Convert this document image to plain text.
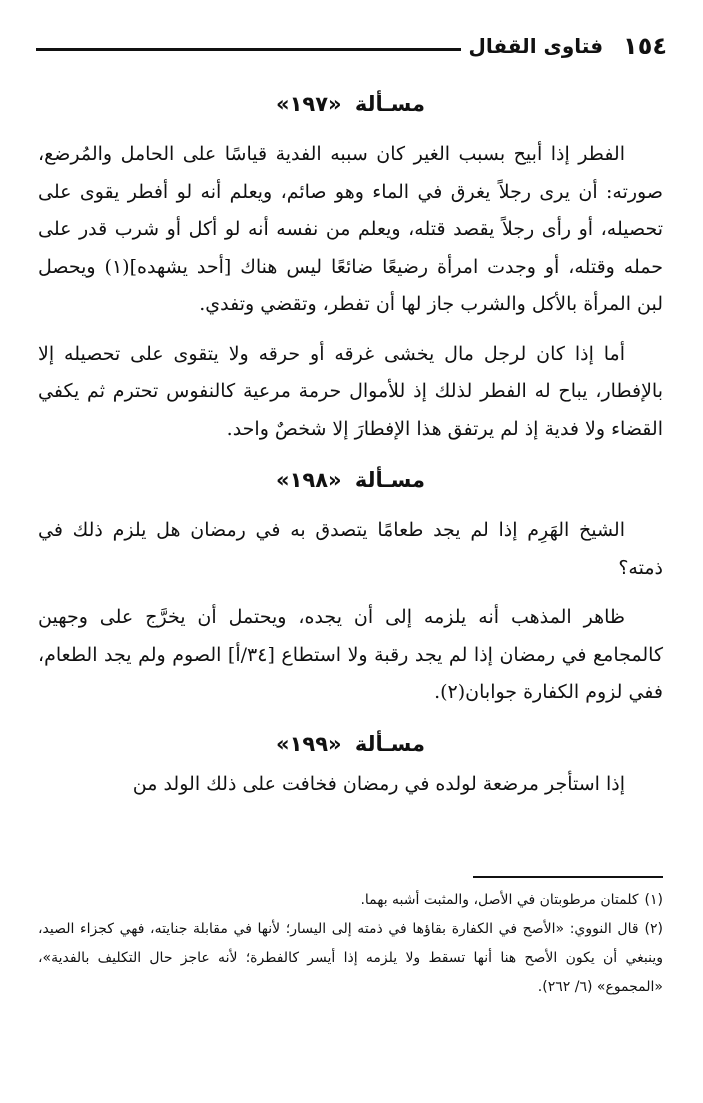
١٥٤
فتاوى القفال
مسـألة «١٩٧»

الفطر إذا أبيح بسبب الغير كان سببه الفدية قياسًا على الحامل والمُرضع، صورته: أن يرى رجلاً يغرق في الماء وهو صائم، ويعلم أنه لو أفطر يقوى على تحصيله، أو رأى رجلاً يقصد قتله، ويعلم من نفسه أنه لو أكل أو شرب قدر على حمله وقتله، أو وجدت امرأة رضيعًا ضائعًا ليس هناك [أحد يشهده](١) ويحصل لبن المرأة بالأكل والشرب جاز لها أن تفطر، وتقضي وتفدي.

أما إذا كان لرجل مال يخشى غرقه أو حرقه ولا يتقوى على تحصيله إلا بالإفطار، يباح له الفطر لذلك إذ للأموال حرمة مرعية كالنفوس تحترم ثم يكفي القضاء ولا فدية إذ لم يرتفق هذا الإفطارَ إلا شخصٌ واحد.

مسـألة «١٩٨»

الشيخ الهَرِم إذا لم يجد طعامًا يتصدق به في رمضان هل يلزم ذلك في ذمته؟

ظاهر المذهب أنه يلزمه إلى أن يجده، ويحتمل أن يخرَّج على وجهين كالمجامع في رمضان إذا لم يجد رقبة ولا استطاع [٣٤/أ] الصوم ولم يجد الطعام، ففي لزوم الكفارة جوابان(٢).

مسـألة «١٩٩»

إذا استأجر مرضعة لولده في رمضان فخافت على ذلك الولد من

(١)كلمتان مرطوبتان في الأصل، والمثبت أشبه بهما.

(٢)قال النووي: «الأصح في الكفارة بقاؤها في ذمته إلى اليسار؛ لأنها في مقابلة جنايته، فهي كجزاء الصيد، وينبغي أن يكون الأصح هنا أنها تسقط ولا يلزمه إذا أيسر كالفطرة؛ لأنه عاجز حال التكليف بالفدية»، «المجموع» (٦/ ٢٦٢).
